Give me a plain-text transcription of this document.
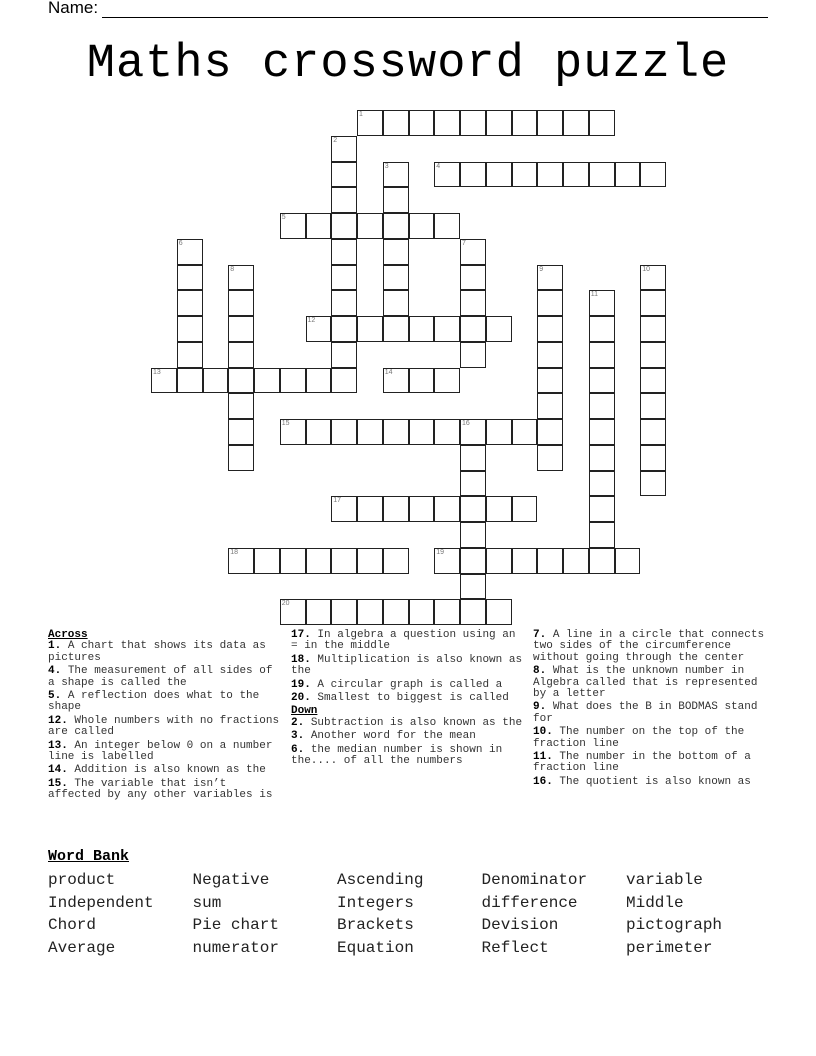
Name:
Maths crossword puzzle
1
2
3	4
5
6	7
8	9	10
11
12
13	14
15	16
17
18	19
20
Across
1. A chart that shows its data as pictures
4. The measurement of all sides of a shape is called the
5. A reflection does what to the shape
12. Whole numbers with no fractions are called
13. An integer below 0 on a number line is labelled
14. Addition is also known as the
15. The variable that isn’t affected by any other variables is
17. In algebra a question using an = in the middle
18. Multiplication is also known as the
19. A circular graph is called a
20. Smallest to biggest is called
Down
2. Subtraction is also known as the
3. Another word for the mean
6. the median number is shown in the.... of all the numbers
7. A line in a circle that connects two sides of the circumference without going through the center
8. What is the unknown number in Algebra called that is represented by a letter
9. What does the B in BODMAS stand for
10. The number on the top of the fraction line
11. The number in the bottom of a fraction line
16. The quotient is also known as
Word Bank
product	Negative	Ascending	Denominator	variable
Independent	sum	Integers	difference	Middle
Chord	Pie chart	Brackets	Devision	pictograph
Average	numerator	Equation	Reflect	perimeter
